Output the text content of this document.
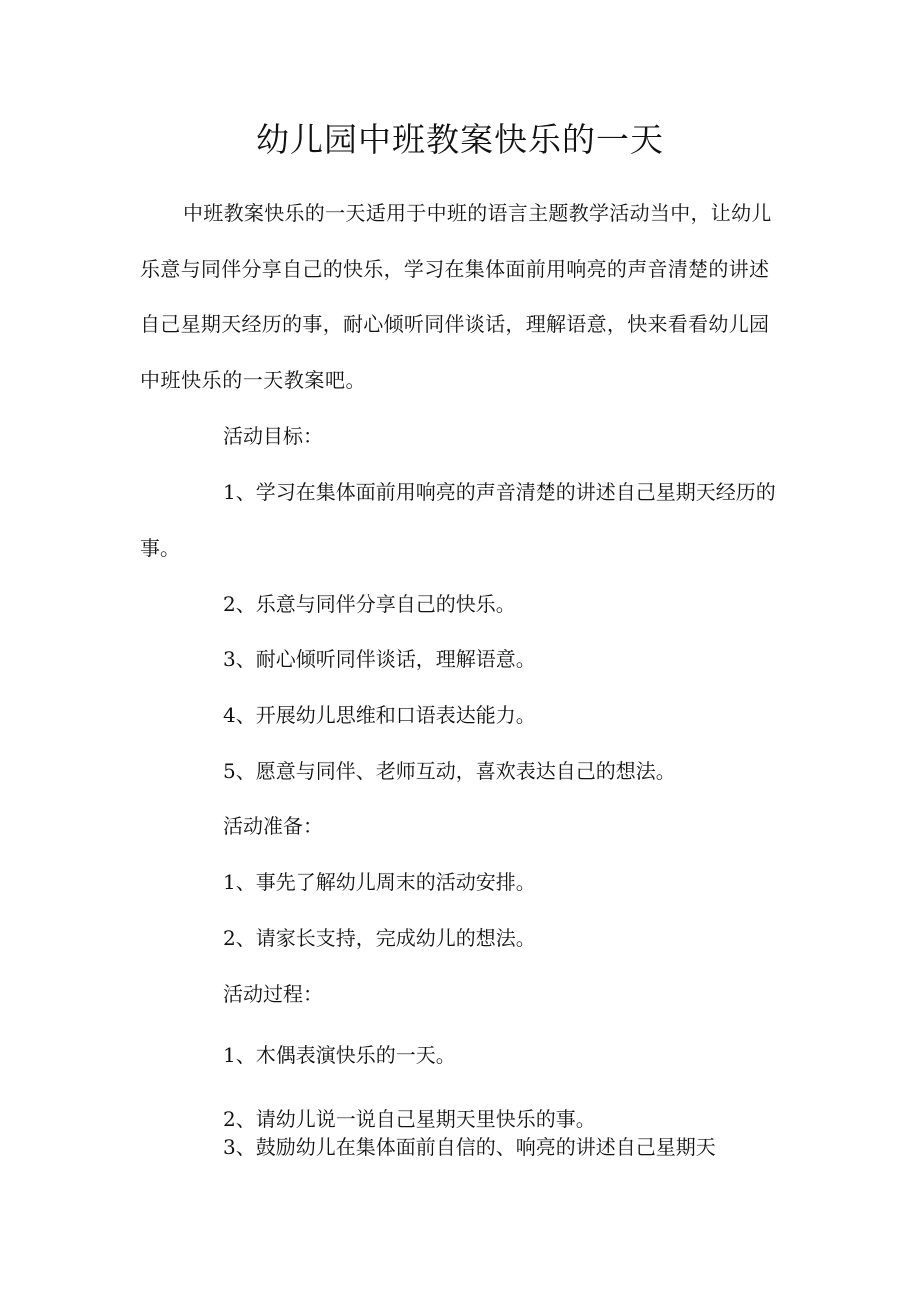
幼儿园中班教案快乐的一天
中班教案快乐的一天适用于中班的语言主题教学活动当中，让幼儿
乐意与同伴分享自己的快乐，学习在集体面前用响亮的声音清楚的讲述
自己星期天经历的事，耐心倾听同伴谈话，理解语意，快来看看幼儿园
中班快乐的一天教案吧。
活动目标：
1、学习在集体面前用响亮的声音清楚的讲述自己星期天经历的
事。
2、乐意与同伴分享自己的快乐。
3、耐心倾听同伴谈话，理解语意。
4、开展幼儿思维和口语表达能力。
5、愿意与同伴、老师互动，喜欢表达自己的想法。
活动准备：
1、事先了解幼儿周末的活动安排。
2、请家长支持，完成幼儿的想法。
活动过程：
1、木偶表演快乐的一天。
2、请幼儿说一说自己星期天里快乐的事。
3、鼓励幼儿在集体面前自信的、响亮的讲述自己星期天
